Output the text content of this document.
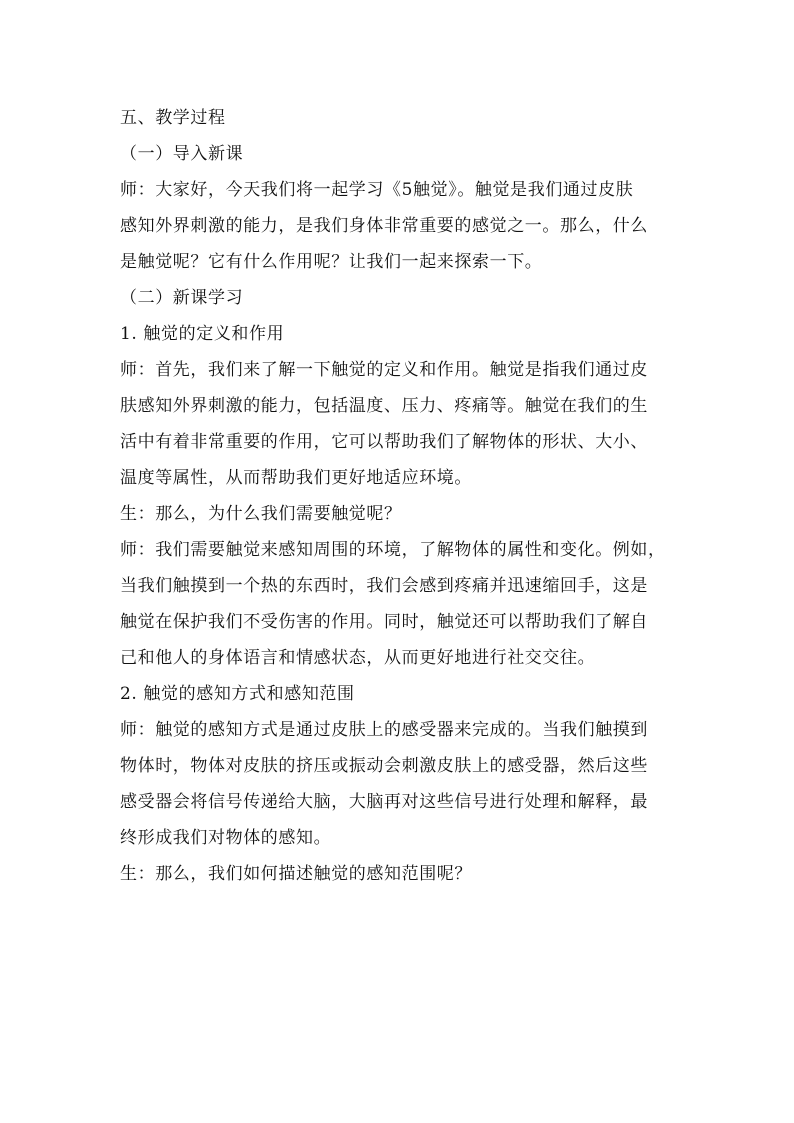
五、教学过程

（一）导入新课

师：大家好，今天我们将一起学习《5触觉》。触觉是我们通过皮肤

感知外界刺激的能力，是我们身体非常重要的感觉之一。那么，什么

是触觉呢？它有什么作用呢？让我们一起来探索一下。

（二）新课学习

1. 触觉的定义和作用

师：首先，我们来了解一下触觉的定义和作用。触觉是指我们通过皮

肤感知外界刺激的能力，包括温度、压力、疼痛等。触觉在我们的生

活中有着非常重要的作用，它可以帮助我们了解物体的形状、大小、

温度等属性，从而帮助我们更好地适应环境。

生：那么，为什么我们需要触觉呢？

师：我们需要触觉来感知周围的环境，了解物体的属性和变化。例如，

当我们触摸到一个热的东西时，我们会感到疼痛并迅速缩回手，这是

触觉在保护我们不受伤害的作用。同时，触觉还可以帮助我们了解自

己和他人的身体语言和情感状态，从而更好地进行社交交往。

2. 触觉的感知方式和感知范围

师：触觉的感知方式是通过皮肤上的感受器来完成的。当我们触摸到

物体时，物体对皮肤的挤压或振动会刺激皮肤上的感受器，然后这些

感受器会将信号传递给大脑，大脑再对这些信号进行处理和解释，最

终形成我们对物体的感知。

生：那么，我们如何描述触觉的感知范围呢？
